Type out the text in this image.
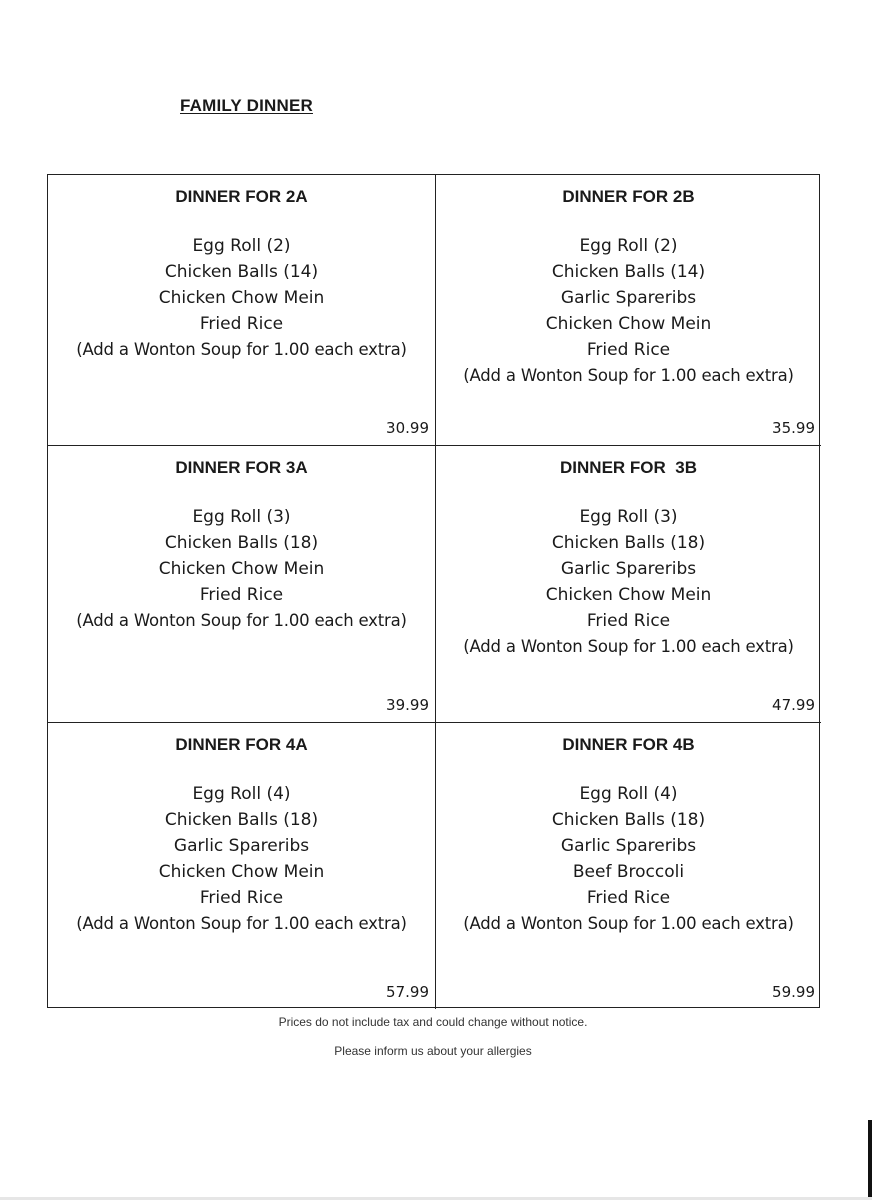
FAMILY DINNER
DINNER FOR 2A
Egg Roll (2)
Chicken Balls (14)
Chicken Chow Mein
Fried Rice
(Add a Wonton Soup for 1.00 each extra)
30.99
DINNER FOR 2B
Egg Roll (2)
Chicken Balls (14)
Garlic Spareribs
Chicken Chow Mein
Fried Rice
(Add a Wonton Soup for 1.00 each extra)
35.99
DINNER FOR 3A
Egg Roll (3)
Chicken Balls (18)
Chicken Chow Mein
Fried Rice
(Add a Wonton Soup for 1.00 each extra)
39.99
DINNER FOR  3B
Egg Roll (3)
Chicken Balls (18)
Garlic Spareribs
Chicken Chow Mein
Fried Rice
(Add a Wonton Soup for 1.00 each extra)
47.99
DINNER FOR 4A
Egg Roll (4)
Chicken Balls (18)
Garlic Spareribs
Chicken Chow Mein
Fried Rice
(Add a Wonton Soup for 1.00 each extra)
57.99
DINNER FOR 4B
Egg Roll (4)
Chicken Balls (18)
Garlic Spareribs
Beef Broccoli
Fried Rice
(Add a Wonton Soup for 1.00 each extra)
59.99
Prices do not include tax and could change without notice.
Please inform us about your allergies
